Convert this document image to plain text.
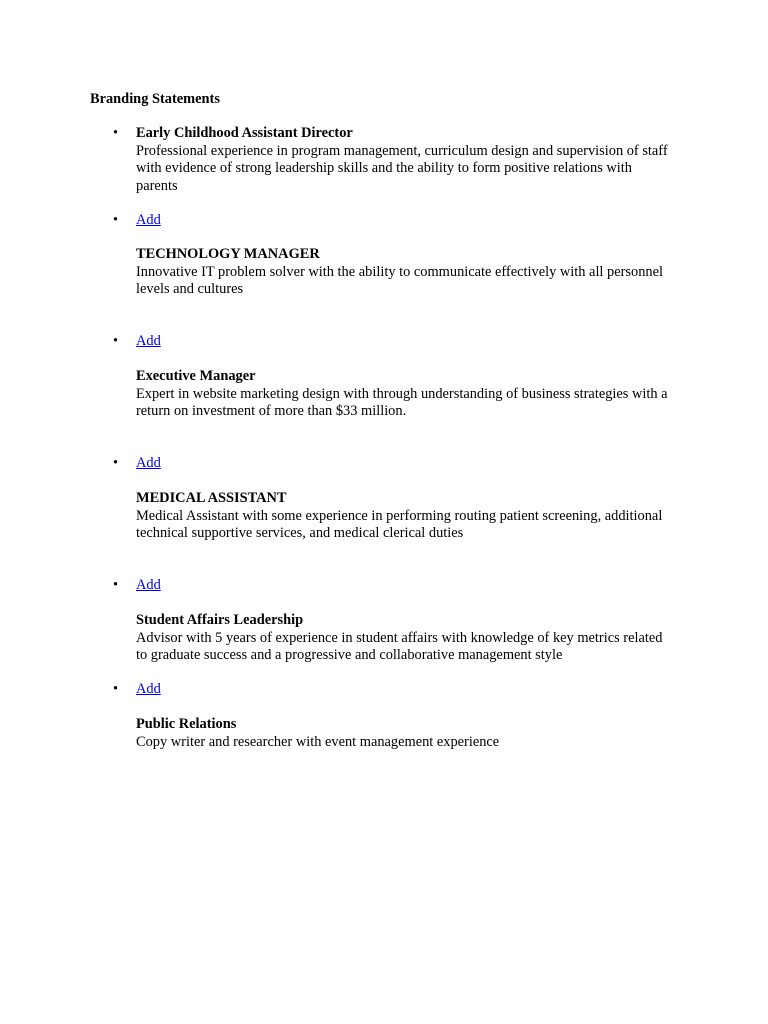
Branding Statements

• Early Childhood Assistant Director

Professional experience in program management, curriculum design and supervision of staff with evidence of strong leadership skills and the ability to form positive relations with parents

• Add

TECHNOLOGY MANAGER

Innovative IT problem solver with the ability to communicate effectively with all personnel levels and cultures

• Add

Executive Manager

Expert in website marketing design with through understanding of business strategies with a return on investment of more than $33 million.

• Add

MEDICAL ASSISTANT

Medical Assistant with some experience in performing routing patient screening, additional technical supportive services, and medical clerical duties

• Add

Student Affairs Leadership

Advisor with 5 years of experience in student affairs with knowledge of key metrics related to graduate success and a progressive and collaborative management style

• Add

Public Relations

Copy writer and researcher with event management experience
